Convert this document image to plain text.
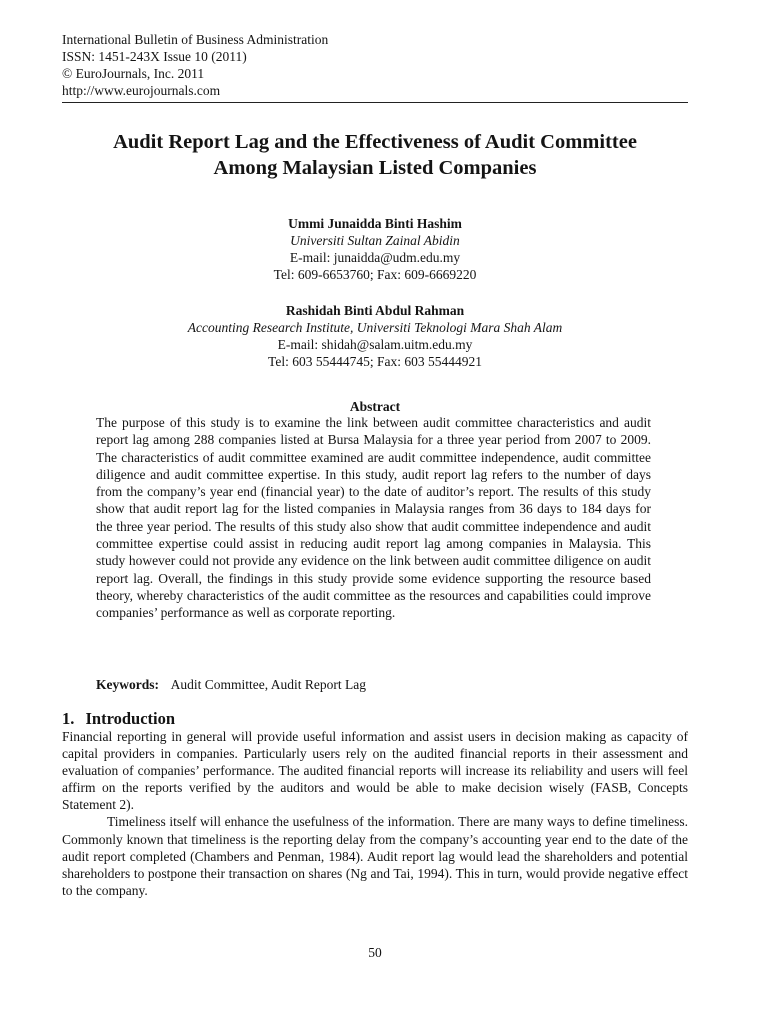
International Bulletin of Business Administration
ISSN: 1451-243X Issue 10 (2011)
© EuroJournals, Inc. 2011
http://www.eurojournals.com
Audit Report Lag and the Effectiveness of Audit Committee
Among Malaysian Listed Companies
Ummi Junaidda Binti Hashim
Universiti Sultan Zainal Abidin
E-mail: junaidda@udm.edu.my
Tel: 609-6653760; Fax: 609-6669220
Rashidah Binti Abdul Rahman
Accounting Research Institute, Universiti Teknologi Mara Shah Alam
E-mail: shidah@salam.uitm.edu.my
Tel: 603 55444745; Fax: 603 55444921
Abstract
The purpose of this study is to examine the link between audit committee characteristics and audit report lag among 288 companies listed at Bursa Malaysia for a three year period from 2007 to 2009. The characteristics of audit committee examined are audit committee independence, audit committee diligence and audit committee expertise. In this study, audit report lag refers to the number of days from the company’s year end (financial year) to the date of auditor’s report. The results of this study show that audit report lag for the listed companies in Malaysia ranges from 36 days to 184 days for the three year period. The results of this study also show that audit committee independence and audit committee expertise could assist in reducing audit report lag among companies in Malaysia. This study however could not provide any evidence on the link between audit committee diligence on audit report lag. Overall, the findings in this study provide some evidence supporting the resource based theory, whereby characteristics of the audit committee as the resources and capabilities could improve companies’ performance as well as corporate reporting.
Keywords: Audit Committee, Audit Report Lag
1. Introduction

Financial reporting in general will provide useful information and assist users in decision making as capacity of capital providers in companies. Particularly users rely on the audited financial reports in their assessment and evaluation of companies’ performance. The audited financial reports will increase its reliability and users will feel affirm on the reports verified by the auditors and would be able to make decision wisely (FASB, Concepts Statement 2).

Timeliness itself will enhance the usefulness of the information. There are many ways to define timeliness. Commonly known that timeliness is the reporting delay from the company’s accounting year end to the date of the audit report completed (Chambers and Penman, 1984). Audit report lag would lead the shareholders and potential shareholders to postpone their transaction on shares (Ng and Tai, 1994). This in turn, would provide negative effect to the company.

50
